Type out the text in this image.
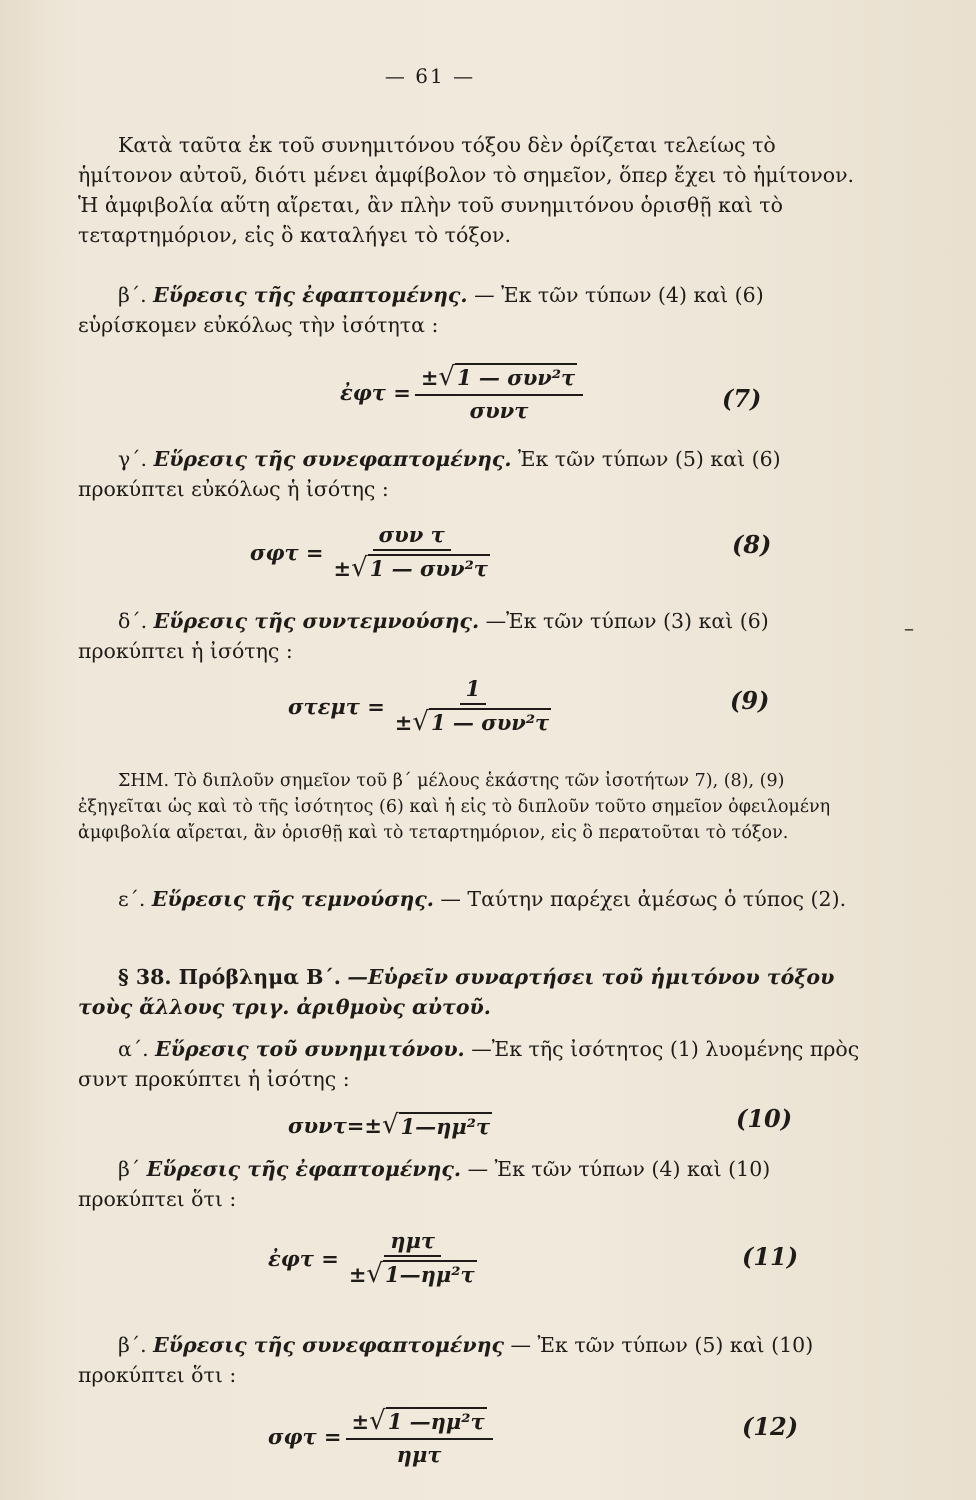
— 61 —

Κατὰ ταῦτα ἐκ τοῦ συνημιτόνου τόξου δὲν ὁρίζεται τελείως τὸ ἡμίτονον αὐτοῦ, διότι μένει ἀμφίβολον τὸ σημεῖον, ὅπερ ἔχει τὸ ἡμίτονον. Ἡ ἀμφιβολία αὕτη αἴρεται, ἂν πλὴν τοῦ συνημιτόνου ὁρισθῇ καὶ τὸ τεταρτημόριον, εἰς ὃ καταλήγει τὸ τόξον.

β΄. Εὕρεσις τῆς ἐφαπτομένης. — Ἐκ τῶν τύπων (4) καὶ (6) εὑρίσκομεν εὐκόλως τὴν ἰσότητα :

ἐφτ = $\frac{\text{±√1 — συν²τ}}{\text{συντ}}$	(7)

γ΄. Εὕρεσις τῆς συνεφαπτομένης. Ἐκ τῶν τύπων (5) καὶ (6) προκύπτει εὐκόλως ἡ ἰσότης :

$\sigma\varphi\tau = \frac{\text{συν τ}}{\text{±√1 — συν²τ}}$	(8)

δ΄. Εὕρεσις τῆς συντεμνούσης. —Ἐκ τῶν τύπων (3) καὶ (6) προκύπτει ἡ ἰσότης :

–
$\sigma\tau\varepsilon\mu\tau = \frac{1}{\text{±√1 — συν²τ}}$	(9)

ΣΗΜ. Τὸ διπλοῦν σημεῖον τοῦ β΄ μέλους ἑκάστης τῶν ἰσοτήτων 7), (8), (9) ἐξηγεῖται ὡς καὶ τὸ τῆς ἰσότητος (6) καὶ ἡ εἰς τὸ διπλοῦν τοῦτο σημεῖον ὀφειλομένη ἀμφιβολία αἴρεται, ἂν ὁρισθῇ καὶ τὸ τεταρτημόριον, εἰς ὃ περατοῦται τὸ τόξον.

ε΄. Εὕρεσις τῆς τεμνούσης. — Ταύτην παρέχει ἀμέσως ὁ τύπος (2).

§ 38. Πρόβλημα Β΄. —Εὑρεῖν συναρτήσει τοῦ ἡμιτόνου τόξου τοὺς ἄλλους τριγ. ἀριθμοὺς αὐτοῦ.

α΄. Εὕρεσις τοῦ συνημιτόνου. —Ἐκ τῆς ἰσότητος (1) λυομένης πρὸς συντ προκύπτει ἡ ἰσότης :

συντ= ± √ 1—ημ²τ	(10)

β΄ Εὕρεσις τῆς ἐφαπτομένης. — Ἐκ τῶν τύπων (4) καὶ (10) προκύπτει ὅτι :

ἐφτ = $\frac{\text{ημτ}}{\text{±√1—ημ²τ}}$	(11)

β΄. Εὕρεσις τῆς συνεφαπτομένης — Ἐκ τῶν τύπων (5) καὶ (10) προκύπτει ὅτι :

$\sigma\varphi\tau = \frac{\text{±√1 —ημ²τ}}{\text{ημτ}}$	(12)
